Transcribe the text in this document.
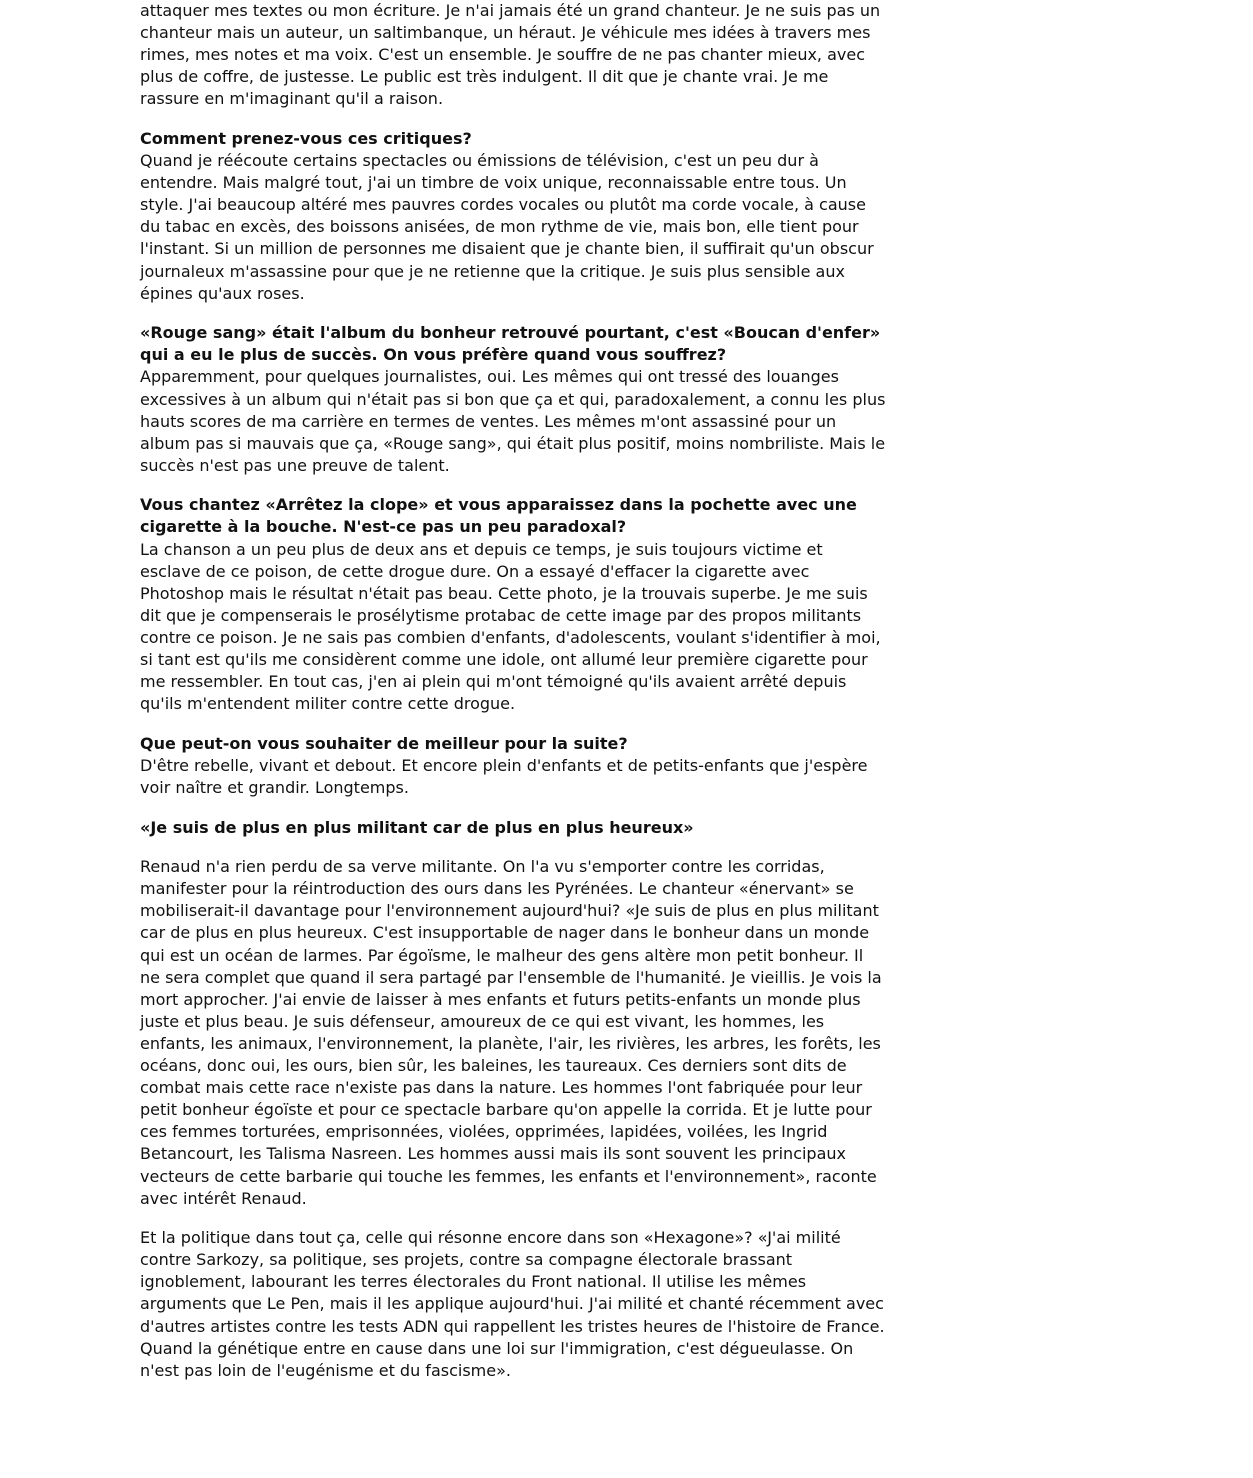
attaquer mes textes ou mon écriture. Je n'ai jamais été un grand chanteur. Je ne suis pas un chanteur mais un auteur, un saltimbanque, un héraut. Je véhicule mes idées à travers mes rimes, mes notes et ma voix. C'est un ensemble. Je souffre de ne pas chanter mieux, avec plus de coffre, de justesse. Le public est très indulgent. Il dit que je chante vrai. Je me rassure en m'imaginant qu'il a raison.

Comment prenez-vous ces critiques?
Quand je réécoute certains spectacles ou émissions de télévision, c'est un peu dur à entendre. Mais malgré tout, j'ai un timbre de voix unique, reconnaissable entre tous. Un style. J'ai beaucoup altéré mes pauvres cordes vocales ou plutôt ma corde vocale, à cause du tabac en excès, des boissons anisées, de mon rythme de vie, mais bon, elle tient pour l'instant. Si un million de personnes me disaient que je chante bien, il suffirait qu'un obscur journaleux m'assassine pour que je ne retienne que la critique. Je suis plus sensible aux épines qu'aux roses.

«Rouge sang» était l'album du bonheur retrouvé pourtant, c'est «Boucan d'enfer» qui a eu le plus de succès. On vous préfère quand vous souffrez?
Apparemment, pour quelques journalistes, oui. Les mêmes qui ont tressé des louanges excessives à un album qui n'était pas si bon que ça et qui, paradoxalement, a connu les plus hauts scores de ma carrière en termes de ventes. Les mêmes m'ont assassiné pour un album pas si mauvais que ça, «Rouge sang», qui était plus positif, moins nombriliste. Mais le succès n'est pas une preuve de talent.

Vous chantez «Arrêtez la clope» et vous apparaissez dans la pochette avec une cigarette à la bouche. N'est-ce pas un peu paradoxal?
La chanson a un peu plus de deux ans et depuis ce temps, je suis toujours victime et esclave de ce poison, de cette drogue dure. On a essayé d'effacer la cigarette avec Photoshop mais le résultat n'était pas beau. Cette photo, je la trouvais superbe. Je me suis dit que je compenserais le prosélytisme protabac de cette image par des propos militants contre ce poison. Je ne sais pas combien d'enfants, d'adolescents, voulant s'identifier à moi, si tant est qu'ils me considèrent comme une idole, ont allumé leur première cigarette pour me ressembler. En tout cas, j'en ai plein qui m'ont témoigné qu'ils avaient arrêté depuis qu'ils m'entendent militer contre cette drogue.

Que peut-on vous souhaiter de meilleur pour la suite?
D'être rebelle, vivant et debout. Et encore plein d'enfants et de petits-enfants que j'espère voir naître et grandir. Longtemps.

«Je suis de plus en plus militant car de plus en plus heureux»

Renaud n'a rien perdu de sa verve militante. On l'a vu s'emporter contre les corridas, manifester pour la réintroduction des ours dans les Pyrénées. Le chanteur «énervant» se mobiliserait-il davantage pour l'environnement aujourd'hui? «Je suis de plus en plus militant car de plus en plus heureux. C'est insupportable de nager dans le bonheur dans un monde qui est un océan de larmes. Par égoïsme, le malheur des gens altère mon petit bonheur. Il ne sera complet que quand il sera partagé par l'ensemble de l'humanité. Je vieillis. Je vois la mort approcher. J'ai envie de laisser à mes enfants et futurs petits-enfants un monde plus juste et plus beau. Je suis défenseur, amoureux de ce qui est vivant, les hommes, les enfants, les animaux, l'environnement, la planète, l'air, les rivières, les arbres, les forêts, les océans, donc oui, les ours, bien sûr, les baleines, les taureaux. Ces derniers sont dits de combat mais cette race n'existe pas dans la nature. Les hommes l'ont fabriquée pour leur petit bonheur égoïste et pour ce spectacle barbare qu'on appelle la corrida. Et je lutte pour ces femmes torturées, emprisonnées, violées, opprimées, lapidées, voilées, les Ingrid Betancourt, les Talisma Nasreen. Les hommes aussi mais ils sont souvent les principaux vecteurs de cette barbarie qui touche les femmes, les enfants et l'environnement», raconte avec intérêt Renaud.

Et la politique dans tout ça, celle qui résonne encore dans son «Hexagone»? «J'ai milité contre Sarkozy, sa politique, ses projets, contre sa compagne électorale brassant ignoblement, labourant les terres électorales du Front national. Il utilise les mêmes arguments que Le Pen, mais il les applique aujourd'hui. J'ai milité et chanté récemment avec d'autres artistes contre les tests ADN qui rappellent les tristes heures de l'histoire de France. Quand la génétique entre en cause dans une loi sur l'immigration, c'est dégueulasse. On n'est pas loin de l'eugénisme et du fascisme».
